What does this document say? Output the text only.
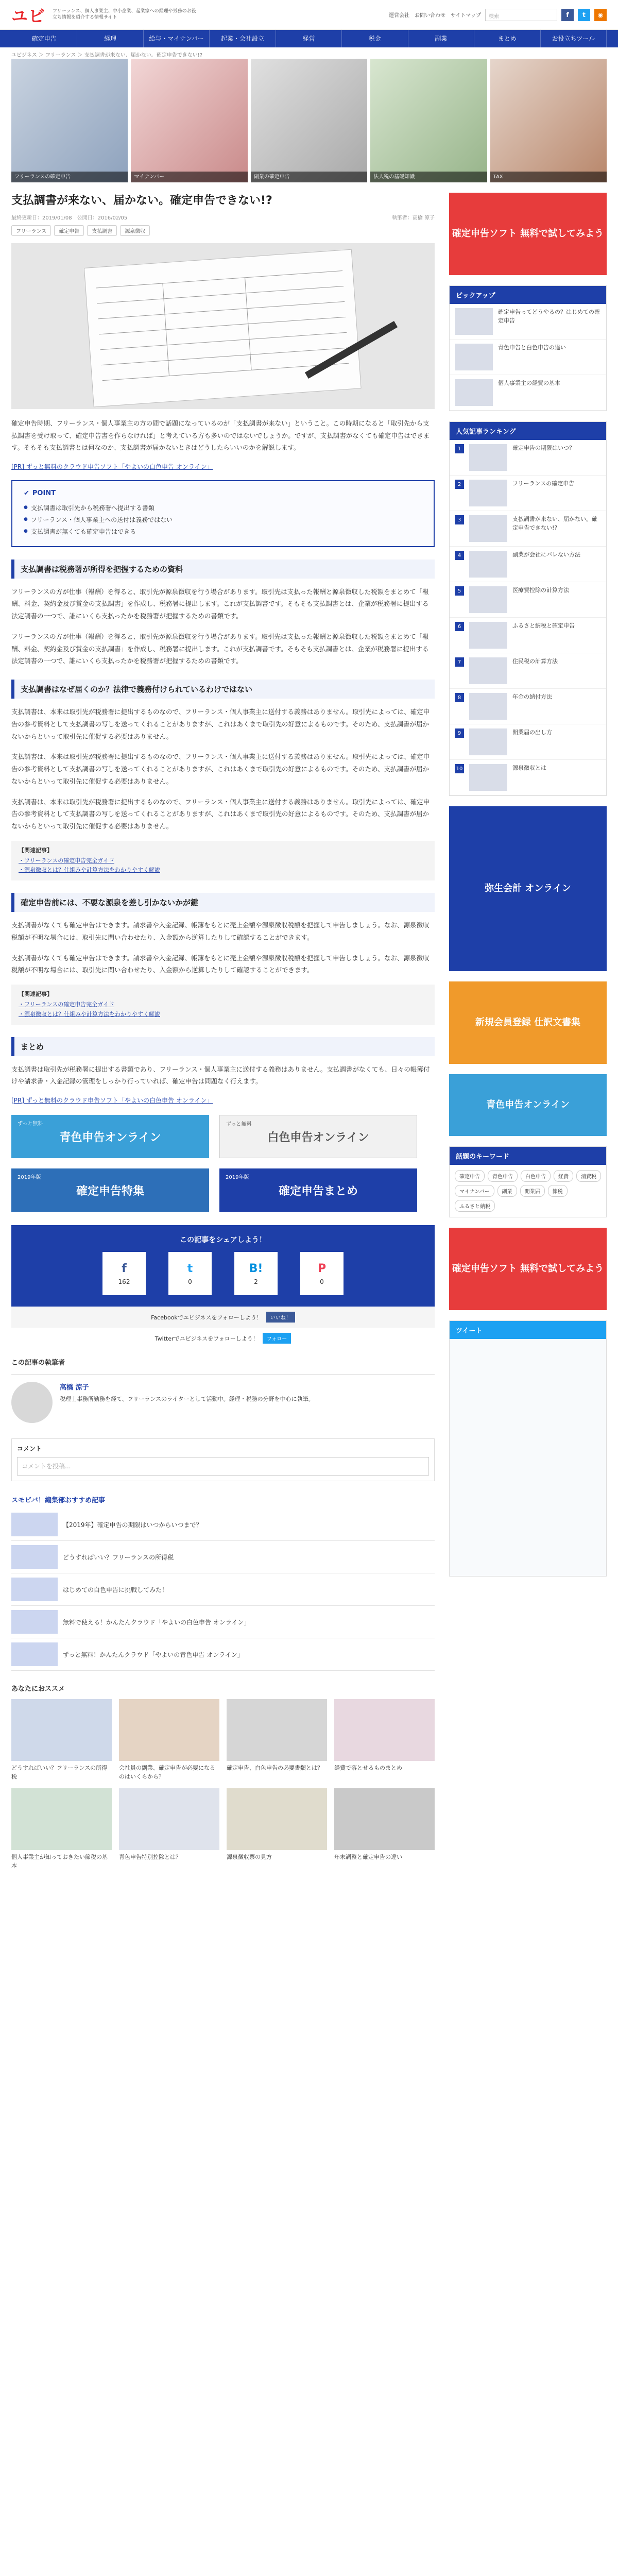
ユビ フリーランス、個人事業主、中小企業、起業家への経理や労務のお役立ち情報を紹介する情報サイト	運営会社 お問い合わせ サイトマップ	検索	f	t	◉
確定申告	経理	給与・マイナンバー	起業・会社設立	経営	税金	副業	まとめ	お役立ちツール
ユビジネス ＞ フリーランス ＞ 支払調書が来ない、届かない。確定申告できない!?
フリーランスの確定申告	マイナンバー	副業の確定申告	法人税の基礎知識	TAX
支払調書が来ない、届かない。確定申告できない!?
最終更新日：2019/01/08　公開日：2016/02/05	執筆者：高橋 涼子
フリーランス	確定申告	支払調書	源泉徴収

確定申告時期、フリーランス・個人事業主の方の間で話題になっているのが「支払調書が来ない」ということ。この時期になると「取引先から支払調書を受け取って、確定申告書を作らなければ」と考えている方も多いのではないでしょうか。ですが、支払調書がなくても確定申告はできます。そもそも支払調書とは何なのか、支払調書が届かないときはどうしたらいいのかを解説します。

[PR] ずっと無料のクラウド申告ソフト「やよいの白色申告 オンライン」
✔ POINT
● 支払調書は取引先から税務署へ提出する書類
● フリーランス・個人事業主への送付は義務ではない
● 支払調書が無くても確定申告はできる
支払調書は税務署が所得を把握するための資料

フリーランスの方が仕事（報酬）を得ると、取引先が源泉徴収を行う場合があります。取引先は支払った報酬と源泉徴収した税額をまとめて「報酬、料金、契約金及び賞金の支払調書」を作成し、税務署に提出します。これが支払調書です。そもそも支払調書とは、企業が税務署に提出する法定調書の一つで、誰にいくら支払ったかを税務署が把握するための書類です。

フリーランスの方が仕事（報酬）を得ると、取引先が源泉徴収を行う場合があります。取引先は支払った報酬と源泉徴収した税額をまとめて「報酬、料金、契約金及び賞金の支払調書」を作成し、税務署に提出します。これが支払調書です。そもそも支払調書とは、企業が税務署に提出する法定調書の一つで、誰にいくら支払ったかを税務署が把握するための書類です。

支払調書はなぜ届くのか？法律で義務付けられているわけではない

支払調書は、本来は取引先が税務署に提出するものなので、フリーランス・個人事業主に送付する義務はありません。取引先によっては、確定申告の参考資料として支払調書の写しを送ってくれることがありますが、これはあくまで取引先の好意によるものです。そのため、支払調書が届かないからといって取引先に催促する必要はありません。

支払調書は、本来は取引先が税務署に提出するものなので、フリーランス・個人事業主に送付する義務はありません。取引先によっては、確定申告の参考資料として支払調書の写しを送ってくれることがありますが、これはあくまで取引先の好意によるものです。そのため、支払調書が届かないからといって取引先に催促する必要はありません。

支払調書は、本来は取引先が税務署に提出するものなので、フリーランス・個人事業主に送付する義務はありません。取引先によっては、確定申告の参考資料として支払調書の写しを送ってくれることがありますが、これはあくまで取引先の好意によるものです。そのため、支払調書が届かないからといって取引先に催促する必要はありません。

【関連記事】
・フリーランスの確定申告完全ガイド
・源泉徴収とは？仕組みや計算方法をわかりやすく解説
確定申告前には、不要な源泉を差し引かないかが鍵

支払調書がなくても確定申告はできます。請求書や入金記録、帳簿をもとに売上金額や源泉徴収税額を把握して申告しましょう。なお、源泉徴収税額が不明な場合には、取引先に問い合わせたり、入金額から逆算したりして確認することができます。

支払調書がなくても確定申告はできます。請求書や入金記録、帳簿をもとに売上金額や源泉徴収税額を把握して申告しましょう。なお、源泉徴収税額が不明な場合には、取引先に問い合わせたり、入金額から逆算したりして確認することができます。

【関連記事】
・フリーランスの確定申告完全ガイド
・源泉徴収とは？仕組みや計算方法をわかりやすく解説
まとめ

支払調書は取引先が税務署に提出する書類であり、フリーランス・個人事業主に送付する義務はありません。支払調書がなくても、日々の帳簿付けや請求書・入金記録の管理をしっかり行っていれば、確定申告は問題なく行えます。

[PR] ずっと無料のクラウド申告ソフト「やよいの白色申告 オンライン」
ずっと無料
青色申告オンライン
ずっと無料
白色申告オンライン
2019年版
確定申告特集
2019年版
確定申告まとめ
この記事をシェアしよう！
f
162
t
0
B!
2
P
0
Facebookでユビジネスをフォローしよう！	いいね！
Twitterでユビジネスをフォローしよう！	フォロー
この記事の執筆者
高橋 涼子
税理士事務所勤務を経て、フリーランスのライターとして活動中。経理・税務の分野を中心に執筆。
コメント
コメントを投稿...
スモビバ！編集部おすすめ記事
【2019年】確定申告の期限はいつからいつまで？
どうすればいい？フリーランスの所得税
はじめての白色申告に挑戦してみた！
無料で使える！かんたんクラウド「やよいの白色申告 オンライン」
ずっと無料！かんたんクラウド「やよいの青色申告 オンライン」
あなたにおススメ
どうすればいい？フリーランスの所得税
会社員の副業、確定申告が必要になるのはいくらから？
確定申告、白色申告の必要書類とは？	経費で落とせるものまとめ
個人事業主が知っておきたい節税の基本
青色申告特別控除とは？	源泉徴収票の見方	年末調整と確定申告の違い
確定申告ソフト 無料で試してみよう
ピックアップ
確定申告ってどうやるの？はじめての確定申告
青色申告と白色申告の違い
個人事業主の経費の基本
人気記事ランキング
1	確定申告の期限はいつ？
2	フリーランスの確定申告
3	支払調書が来ない、届かない。確定申告できない!?
4	副業が会社にバレない方法
5	医療費控除の計算方法
6	ふるさと納税と確定申告
7	住民税の計算方法
8	年金の納付方法
9	開業届の出し方
10	源泉徴収とは
弥生会計 オンライン
新規会員登録 仕訳文書集
青色申告オンライン
話題のキーワード
確定申告	青色申告	白色申告	経費	消費税
マイナンバー	副業	開業届	節税
ふるさと納税
確定申告ソフト 無料で試してみよう
ツイート
